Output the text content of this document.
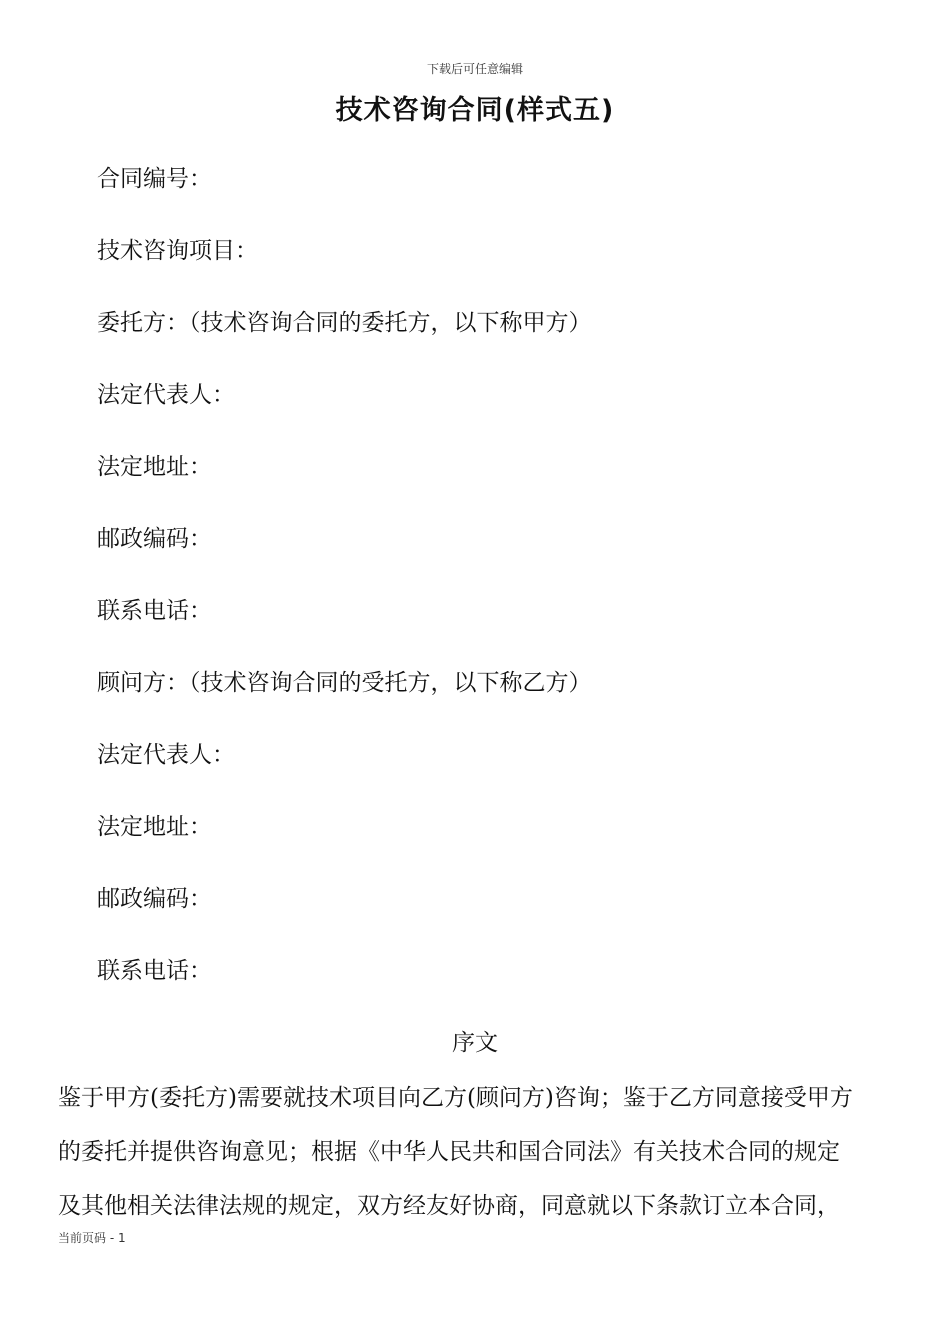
下载后可任意编辑
技术咨询合同(样式五)
合同编号：
技术咨询项目：
委托方：（技术咨询合同的委托方，以下称甲方）
法定代表人：
法定地址：
邮政编码：
联系电话：
顾问方：（技术咨询合同的受托方，以下称乙方）
法定代表人：
法定地址：
邮政编码：
联系电话：
序文

鉴于甲方(委托方)需要就技术项目向乙方(顾问方)咨询；鉴于乙方同意接受甲方
的委托并提供咨询意见；根据《中华人民共和国合同法》有关技术合同的规定
及其他相关法律法规的规定，双方经友好协商，同意就以下条款订立本合同，

当前页码 - 1
